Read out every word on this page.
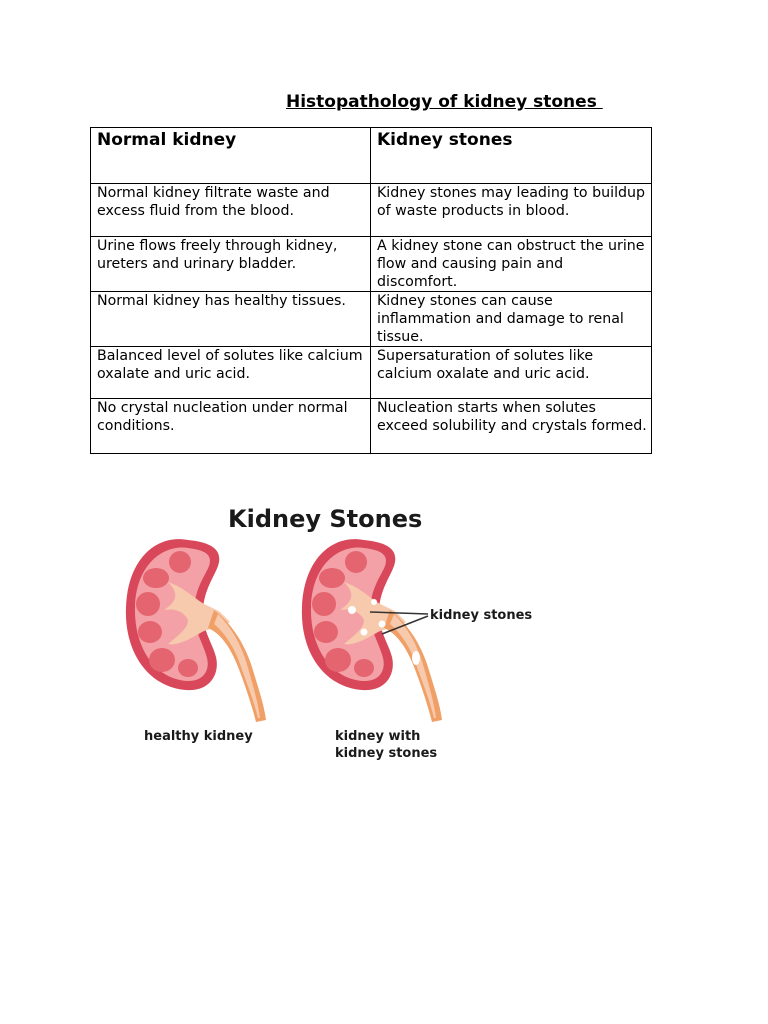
Histopathology of kidney stones
Normal kidney	Kidney stones
Normal kidney filtrate waste and excess fluid from the blood.	Kidney stones may leading to buildup of waste products in blood.
Urine flows freely through kidney, ureters and urinary bladder.	A kidney stone can obstruct the urine flow and causing pain and discomfort.
Normal kidney has healthy tissues.	Kidney stones can cause inflammation and damage to renal tissue.
Balanced level of solutes like calcium oxalate and uric acid.	Supersaturation of solutes like calcium oxalate and uric acid.
No crystal nucleation under normal conditions.	Nucleation starts when solutes exceed solubility and crystals formed.
Kidney Stones
kidney stones
healthy kidney	kidney with
kidney stones
